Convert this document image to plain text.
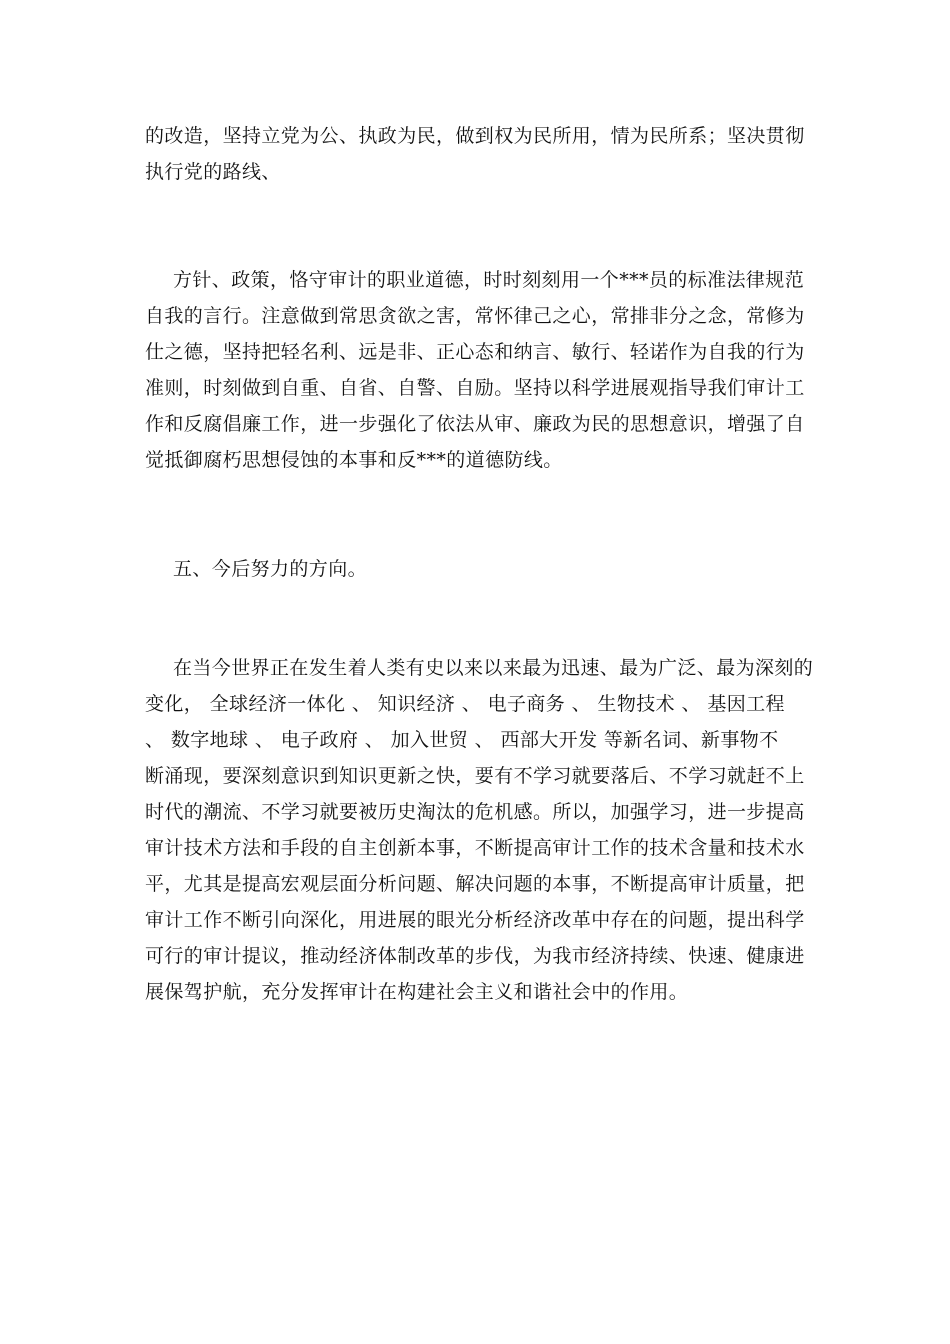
的改造，坚持立党为公、执政为民，做到权为民所用，情为民所系；坚决贯彻
执行党的路线、
方针、政策，恪守审计的职业道德，时时刻刻用一个***员的标准法律规范
自我的言行。注意做到常思贪欲之害，常怀律己之心，常排非分之念，常修为
仕之德，坚持把轻名利、远是非、正心态和纳言、敏行、轻诺作为自我的行为
准则，时刻做到自重、自省、自警、自励。坚持以科学进展观指导我们审计工
作和反腐倡廉工作，进一步强化了依法从审、廉政为民的思想意识，增强了自
觉抵御腐朽思想侵蚀的本事和反***的道德防线。
五、今后努力的方向。
在当今世界正在发生着人类有史以来以来最为迅速、最为广泛、最为深刻的
变化， 全球经济一体化 、 知识经济 、 电子商务 、 生物技术 、 基因工程
、 数字地球 、 电子政府 、 加入世贸 、 西部大开发 等新名词、新事物不
断涌现，要深刻意识到知识更新之快，要有不学习就要落后、不学习就赶不上
时代的潮流、不学习就要被历史淘汰的危机感。所以，加强学习，进一步提高
审计技术方法和手段的自主创新本事，不断提高审计工作的技术含量和技术水
平，尤其是提高宏观层面分析问题、解决问题的本事，不断提高审计质量，把
审计工作不断引向深化，用进展的眼光分析经济改革中存在的问题，提出科学
可行的审计提议，推动经济体制改革的步伐，为我市经济持续、快速、健康进
展保驾护航，充分发挥审计在构建社会主义和谐社会中的作用。
